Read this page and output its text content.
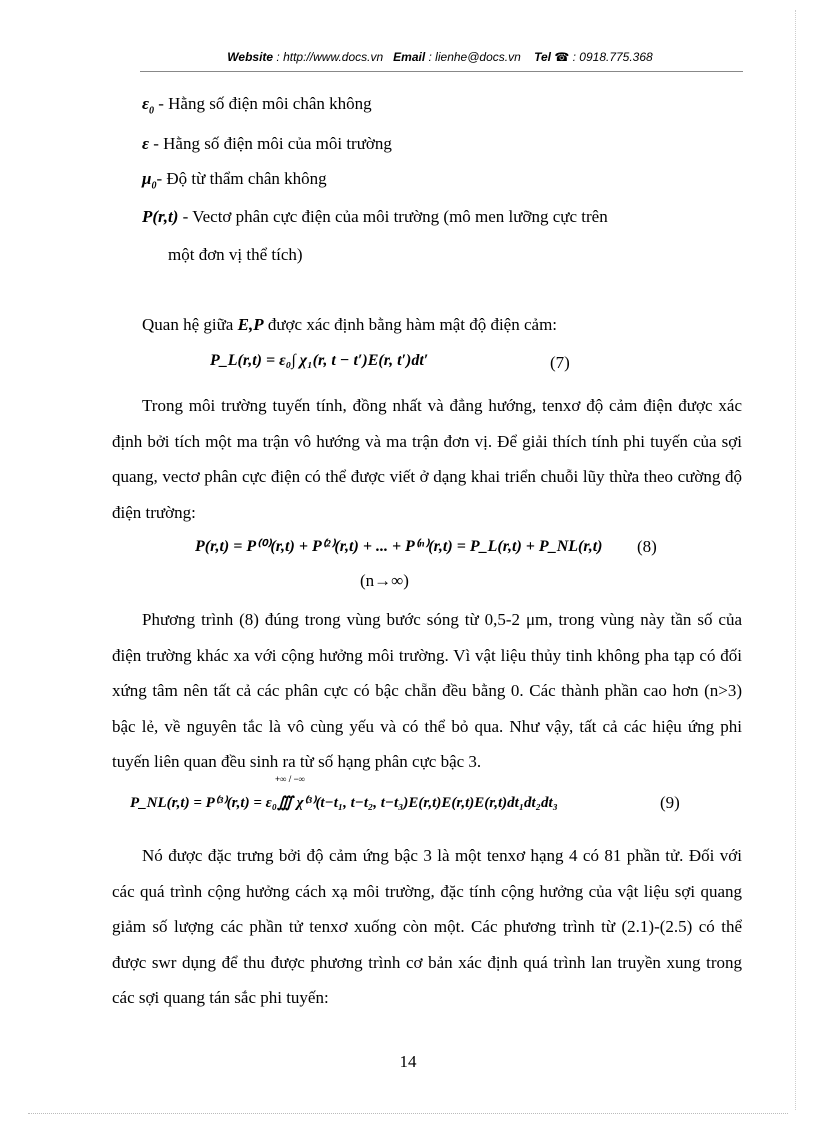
Website : http://www.docs.vn Email : lienhe@docs.vn Tel ☎ : 0918.775.368
$\varepsilon_0$ - Hằng số điện môi chân không
ε - Hằng số điện môi của môi trường
$\mu_0-$ Độ từ thẩm chân không
P(r,t) - Vectơ phân cực điện của môi trường (mô men lưỡng cực trên
một đơn vị thể tích)
Quan hệ giữa E,P được xác định bằng hàm mật độ điện cảm:
P_L(r,t) = ε₀∫ χ₁(r, t − t′)E(r, t′)dt′	(7)
Trong môi trường tuyến tính, đồng nhất và đẳng hướng, tenxơ độ cảm điện được xác định bởi tích một ma trận vô hướng và ma trận đơn vị. Để giải thích tính phi tuyến của sợi quang, vectơ phân cực điện có thể được viết ở dạng khai triển chuỗi lũy thừa theo cường độ điện trường:
P(r,t) = P⁽⁰⁾(r,t) + P⁽²⁾(r,t) + ... + P⁽ⁿ⁾(r,t) = P_L(r,t) + P_NL(r,t) (8)
(n→∞)
Phương trình (8) đúng trong vùng bước sóng từ 0,5-2 μm, trong vùng này tần số của điện trường khác xa với cộng hưởng môi trường. Vì vật liệu thủy tinh không pha tạp có đối xứng tâm nên tất cả các phân cực có bậc chẵn đều bằng 0. Các thành phần cao hơn (n>3) bậc lẻ, về nguyên tắc là vô cùng yếu và có thể bỏ qua. Như vậy, tất cả các hiệu ứng phi tuyến liên quan đều sinh ra từ số hạng phân cực bậc 3.
P_NL(r,t) = P⁽³⁾(r,t) = ε₀∭ χ⁽³⁾(t−t₁, t−t₂, t−t₃)E(r,t)E(r,t)E(r,t)dt₁dt₂dt₃
+∞ / −∞
(9)
Nó được đặc trưng bởi độ cảm ứng bậc 3 là một tenxơ hạng 4 có 81 phần tử. Đối với các quá trình cộng hưởng cách xạ môi trường, đặc tính cộng hưởng của vật liệu sợi quang giảm số lượng các phần tử tenxơ xuống còn một. Các phương trình từ (2.1)-(2.5) có thể được swr dụng để thu được phương trình cơ bản xác định quá trình lan truyền xung trong các sợi quang tán sắc phi tuyến:
14
